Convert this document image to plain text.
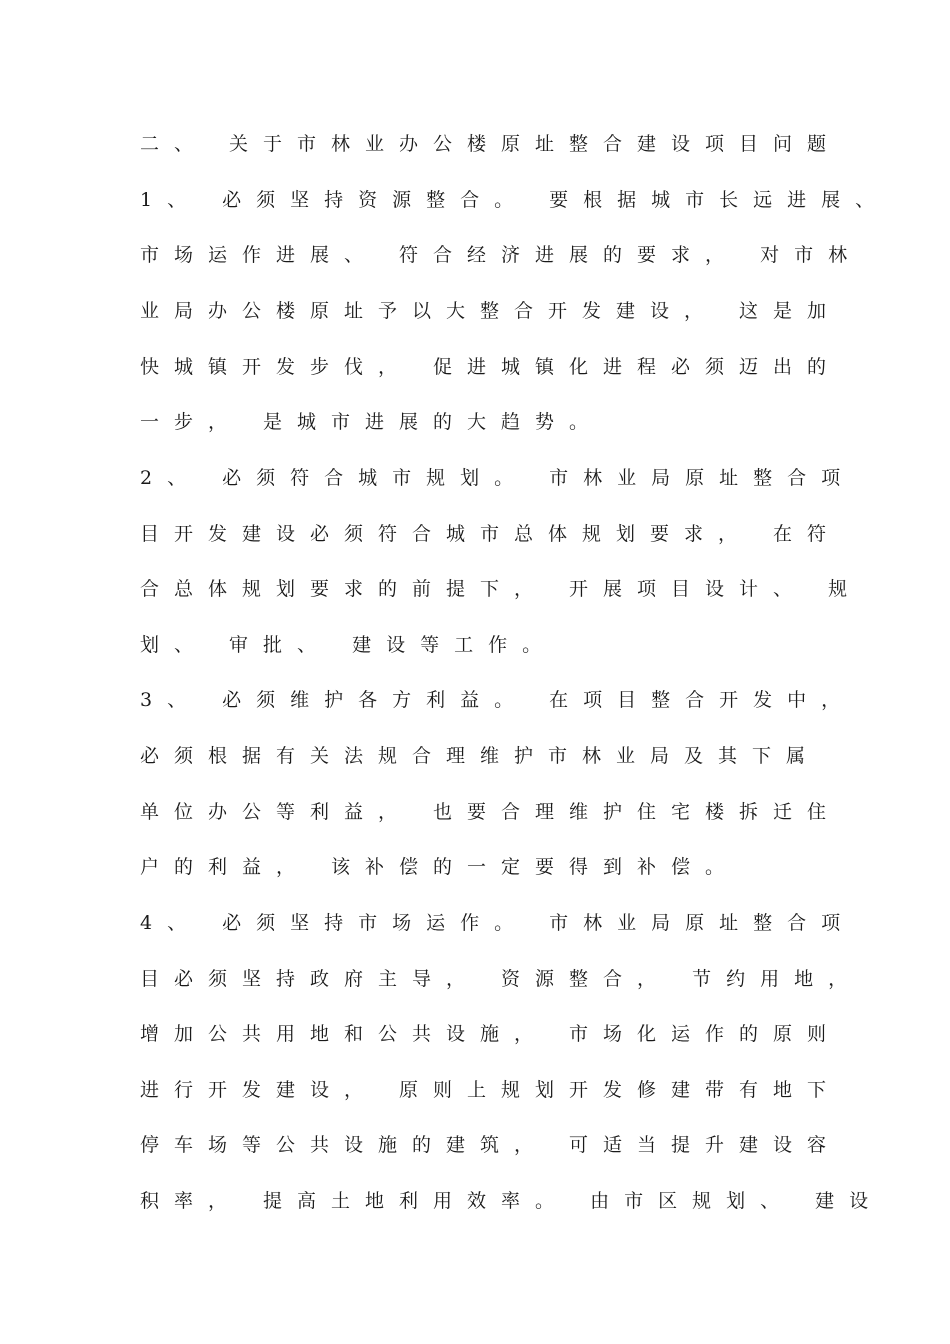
二、 关于市林业办公楼原址整合建设项目问题

1、 必须坚持资源整合。 要根据城市长远进展、

市场运作进展、 符合经济进展的要求， 对市林

业局办公楼原址予以大整合开发建设， 这是加

快城镇开发步伐， 促进城镇化进程必须迈出的

一步， 是城市进展的大趋势。

2、 必须符合城市规划。 市林业局原址整合项

目开发建设必须符合城市总体规划要求， 在符

合总体规划要求的前提下， 开展项目设计、 规

划、 审批、 建设等工作。

3、 必须维护各方利益。 在项目整合开发中，

必须根据有关法规合理维护市林业局及其下属

单位办公等利益， 也要合理维护住宅楼拆迁住

户的利益， 该补偿的一定要得到补偿。

4、 必须坚持市场运作。 市林业局原址整合项

目必须坚持政府主导， 资源整合， 节约用地，

增加公共用地和公共设施， 市场化运作的原则

进行开发建设， 原则上规划开发修建带有地下

停车场等公共设施的建筑， 可适当提升建设容

积率， 提高土地利用效率。 由市区规划、 建设
